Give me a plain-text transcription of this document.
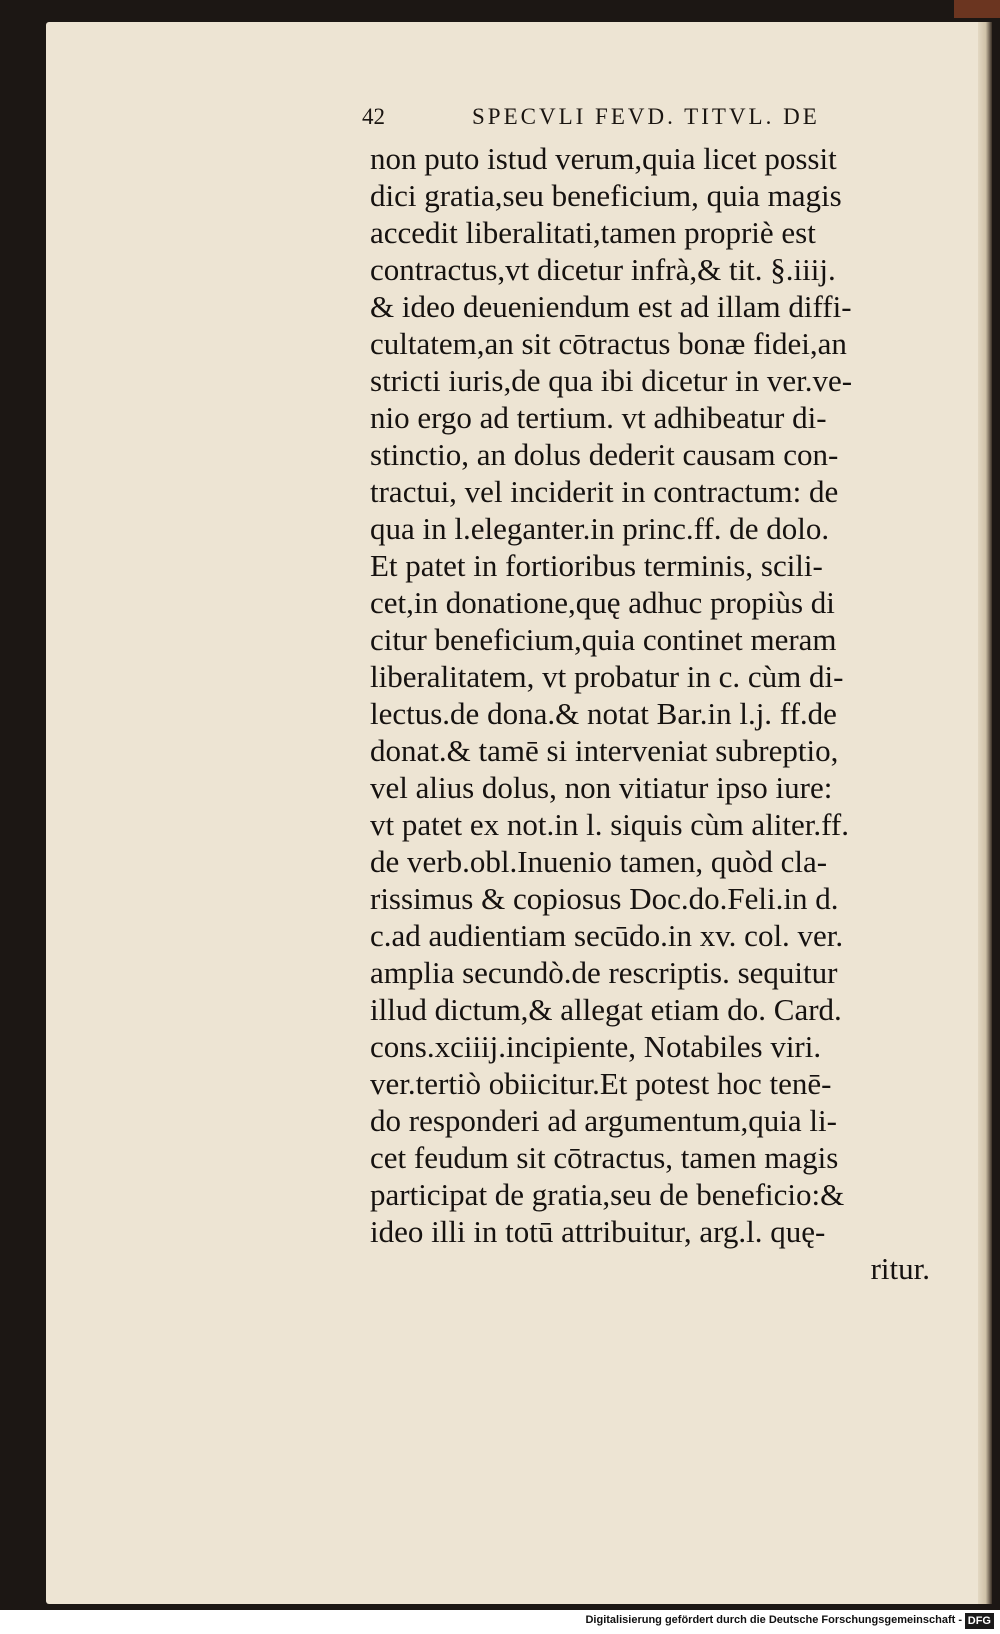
42	SPECVLI FEVD. TITVL. DE
non puto istud verum,quia licet possit
dici gratia,seu beneficium, quia magis
accedit liberalitati,tamen propriè est
contractus,vt dicetur infrà,& tit. §.iiij.
& ideo deueniendum est ad illam diffi-
cultatem,an sit cōtractus bonæ fidei,an
stricti iuris,de qua ibi dicetur in ver.ve-
nio ergo ad tertium. vt adhibeatur di-
stinctio, an dolus dederit causam con-
tractui, vel inciderit in contractum: de
qua in l.eleganter.in princ.ff. de dolo.
Et patet in fortioribus terminis, scili-
cet,in donatione,quę adhuc propiùs di
citur beneficium,quia continet meram
liberalitatem, vt probatur in c. cùm di-
lectus.de dona.& notat Bar.in l.j. ff.de
donat.& tamē si interveniat subreptio,
vel alius dolus, non vitiatur ipso iure:
vt patet ex not.in l. siquis cùm aliter.ff.
de verb.obl.Inuenio tamen, quòd cla-
rissimus & copiosus Doc.do.Feli.in d.
c.ad audientiam secūdo.in xv. col. ver.
amplia secundò.de rescriptis. sequitur
illud dictum,& allegat etiam do. Card.
cons.xciiij.incipiente, Notabiles viri.
ver.tertiò obiicitur.Et potest hoc tenē-
do responderi ad argumentum,quia li-
cet feudum sit cōtractus, tamen magis
participat de gratia,seu de beneficio:&
ideo illi in totū attribuitur, arg.l. quę-
ritur.
Digitalisierung gefördert durch die Deutsche Forschungsgemeinschaft - DFG
